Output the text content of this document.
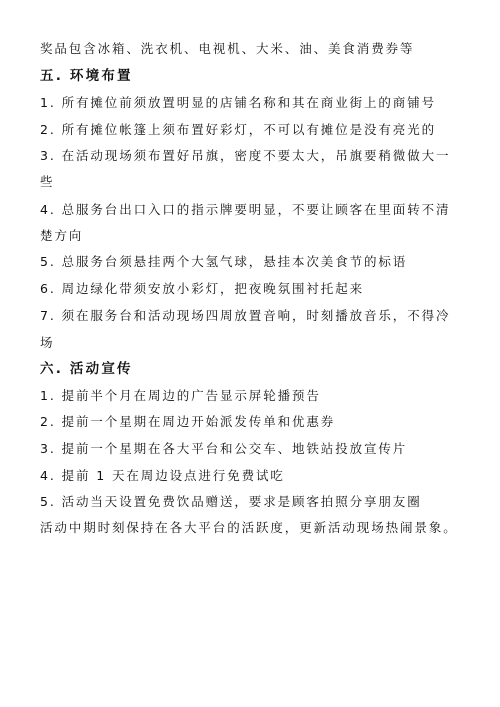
奖品包含冰箱、洗衣机、电视机、大米、油、美食消费券等
五. 环境布置
1. 所有摊位前须放置明显的店铺名称和其在商业街上的商铺号
2. 所有摊位帐篷上须布置好彩灯，不可以有摊位是没有亮光的
3. 在活动现场须布置好吊旗，密度不要太大，吊旗要稍微做大一
些
4. 总服务台出口入口的指示牌要明显，不要让顾客在里面转不清
楚方向
5. 总服务台须悬挂两个大氢气球，悬挂本次美食节的标语
6. 周边绿化带须安放小彩灯，把夜晚氛围衬托起来
7. 须在服务台和活动现场四周放置音响，时刻播放音乐，不得冷
场
六. 活动宣传
1. 提前半个月在周边的广告显示屏轮播预告
2. 提前一个星期在周边开始派发传单和优惠券
3. 提前一个星期在各大平台和公交车、地铁站投放宣传片
4. 提前 1 天在周边设点进行免费试吃
5. 活动当天设置免费饮品赠送，要求是顾客拍照分享朋友圈
活动中期时刻保持在各大平台的活跃度，更新活动现场热闹景象。
